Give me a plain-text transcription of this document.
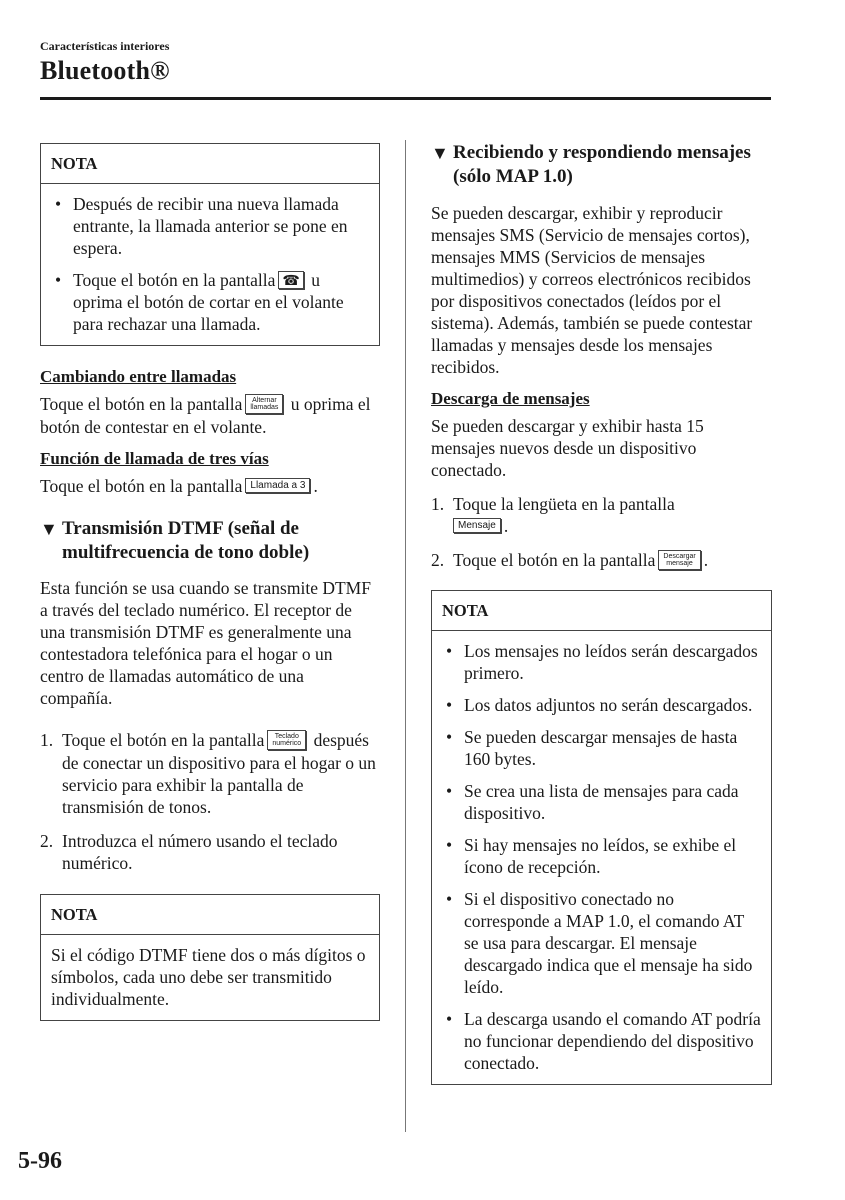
Características interiores
Bluetooth®
NOTA
• Después de recibir una nueva llamada entrante, la llamada anterior se pone en espera.
• Toque el botón en la pantalla ☎ u oprima el botón de cortar en el volante para rechazar una llamada.
Cambiando entre llamadas
Toque el botón en la pantalla Alternar
llamadas u oprima el botón de contestar en el volante.
Función de llamada de tres vías
Toque el botón en la pantalla Llamada a 3 .
▼ Transmisión DTMF (señal de multifrecuencia de tono doble)
Esta función se usa cuando se transmite DTMF a través del teclado numérico. El receptor de una transmisión DTMF es generalmente una contestadora telefónica para el hogar o un centro de llamadas automático de una compañía.
1. Toque el botón en la pantalla Teclado
numérico después de conectar un dispositivo para el hogar o un servicio para exhibir la pantalla de transmisión de tonos.
2. Introduzca el número usando el teclado numérico.
NOTA
Si el código DTMF tiene dos o más dígitos o símbolos, cada uno debe ser transmitido individualmente.
▼ Recibiendo y respondiendo mensajes (sólo MAP 1.0)
Se pueden descargar, exhibir y reproducir mensajes SMS (Servicio de mensajes cortos), mensajes MMS (Servicios de mensajes multimedios) y correos electrónicos recibidos por dispositivos conectados (leídos por el sistema). Además, también se puede contestar llamadas y mensajes desde los mensajes recibidos.
Descarga de mensajes
Se pueden descargar y exhibir hasta 15 mensajes nuevos desde un dispositivo conectado.
1. Toque la lengüeta en la pantalla
Mensaje .
2. Toque el botón en la pantalla Descargar
mensaje .
NOTA
• Los mensajes no leídos serán descargados primero.
• Los datos adjuntos no serán descargados.
• Se pueden descargar mensajes de hasta 160 bytes.
• Se crea una lista de mensajes para cada dispositivo.
• Si hay mensajes no leídos, se exhibe el ícono de recepción.
• Si el dispositivo conectado no corresponde a MAP 1.0, el comando AT se usa para descargar. El mensaje descargado indica que el mensaje ha sido leído.
• La descarga usando el comando AT podría no funcionar dependiendo del dispositivo conectado.
5-96
